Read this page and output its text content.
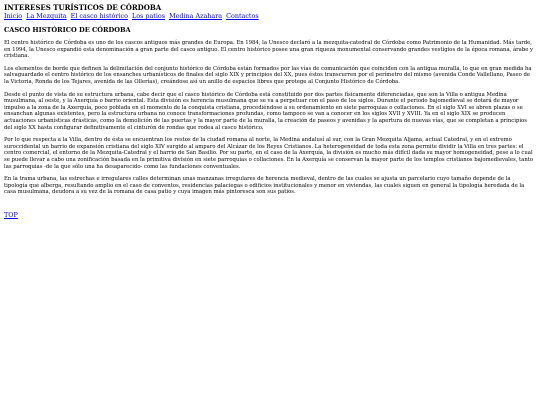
INTERESES TURÍSTICOS DE CÓRDOBA
Inicio La Mezquita El casco histórico Los patios Medina Azahara Contactos
CASCO HISTÓRICO DE CÓRDOBA

El centro histórico de Córdoba es uno de los cascos antiguos más grandes de Europa. En 1984, la Unesco declaró a la mezquita-catedral de Córdoba como Patrimonio de la Humanidad. Más tarde, en 1994, la Unesco expandió esta denominación a gran parte del casco antiguo. El centro histórico posee una gran riqueza monumental conservando grandes vestigios de la época romana, árabe y cristiana.

Los elementos de borde que definen la delimitación del conjunto histórico de Córdoba están formados por las vías de comunicación que coinciden con la antigua muralla, lo que en gran medida ha salvaguardado el centro histórico de los ensanches urbanísticos de finales del siglo XIX y principios del XX, pues éstos transcurren por el perímetro del mismo (avenida Conde Vallellano, Paseo de la Victoria, Ronda de los Tejares, avenida de las Ollerías), creándose así un anillo de espacios libres que protege al Conjunto Histórico de Córdoba.

Desde el punto de vista de su estructura urbana, cabe decir que el casco histórico de Córdoba está constituido por dos partes físicamente diferenciadas, que son la Villa o antigua Medina musulmana, al oeste, y la Axerquía o barrio oriental. Esta división es herencia musulmana que se va a perpetuar con el paso de los siglos. Durante el período bajomedieval se dotará de mayor impulso a la zona de la Axerquía, poco poblada en el momento de la conquista cristiana, procediéndose a su ordenamiento en siete parroquias o collaciones. En el siglo XVI se abren plazas o se ensanchan algunas existentes, pero la estructura urbana no conoce transformaciones profundas, como tampoco se van a conocer en los siglos XVII y XVIII. Ya en el siglo XIX se producen actuaciones urbanísticas drásticas, como la demolición de las puertas y la mayor parte de la muralla, la creación de paseos y avenidas y la apertura de nuevas vías, que se completan a principios del siglo XX hasta configurar definitivamente el cinturón de rondas que rodea al casco histórico.

Por lo que respecta a la Villa, dentro de ésta se encuentran los restos de la ciudad romana al norte, la Medina andalusí al sur, con la Gran Mezquita Aljama, actual Catedral, y en el extremo suroccidental un barrio de expansión cristiana del siglo XIV surgido al amparo del Alcázar de los Reyes Cristianos. La heterogeneidad de toda esta zona permite dividir la Villa en tres partes: el centro comercial, el entorno de la Mezquita-Catedral y el barrio de San Basilio. Por su parte, en el caso de la Axerquía, la división es mucho más difícil dada su mayor homogeneidad, pese a lo cual se puede llevar a cabo una zonificación basada en la primitiva división en siete parroquias o collaciones. En la Axerquía se conservan la mayor parte de los templos cristianos bajomedievales, tanto las parroquias -de la que sólo una ha desaparecido- como las fundaciones conventuales.

En la trama urbana, las estrechas e irregulares calles determinan unas manzanas irregulares de herencia medieval, dentro de las cuales se ajusta un parcelario cuyo tamaño depende de la tipología que alberga, resultando amplio en el caso de conventos, residencias palaciegas o edificios institucionales y menor en viviendas, las cuales siguen en general la tipología heredada de la casa musulmana, deudora a su vez de la romana de casa patio y cuya imagen más pintoresca son sus patios.

TOP
